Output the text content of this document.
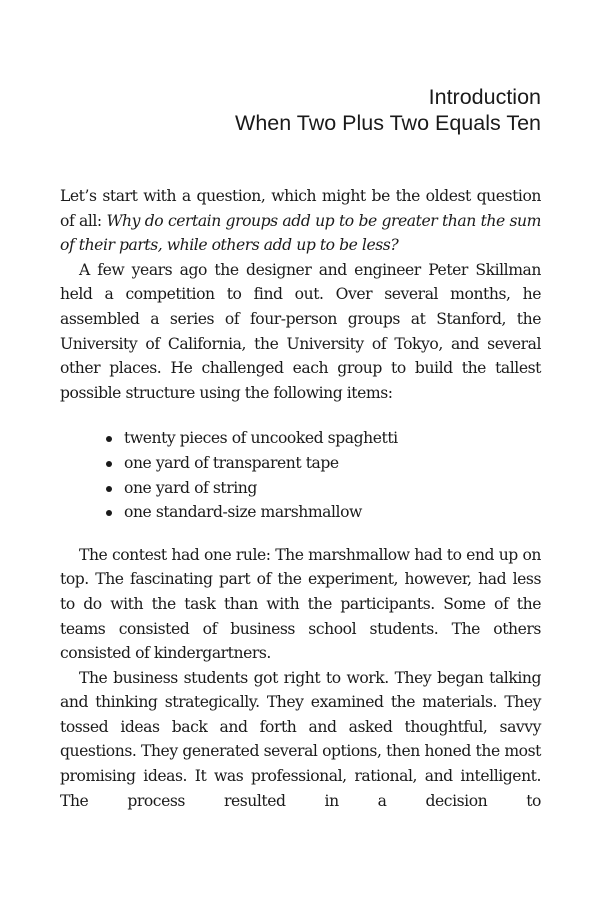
Introduction
When Two Plus Two Equals Ten

Let’s start with a question, which might be the oldest question of all: Why do certain groups add up to be greater than the sum of their parts, while others add up to be less?

A few years ago the designer and engineer Peter Skillman held a competition to find out. Over several months, he assembled a series of four-person groups at Stanford, the University of California, the University of Tokyo, and several other places. He challenged each group to build the tallest possible structure using the following items:

twenty pieces of uncooked spaghetti
one yard of transparent tape
one yard of string
one standard-size marshmallow

The contest had one rule: The marshmallow had to end up on top. The fascinating part of the experiment, however, had less to do with the task than with the participants. Some of the teams consisted of business school students. The others consisted of kindergartners.

The business students got right to work. They began talking and thinking strategically. They examined the materials. They tossed ideas back and forth and asked thoughtful, savvy questions. They generated several options, then honed the most promising ideas. It was professional, rational, and intelligent. The process resulted in a decision to
